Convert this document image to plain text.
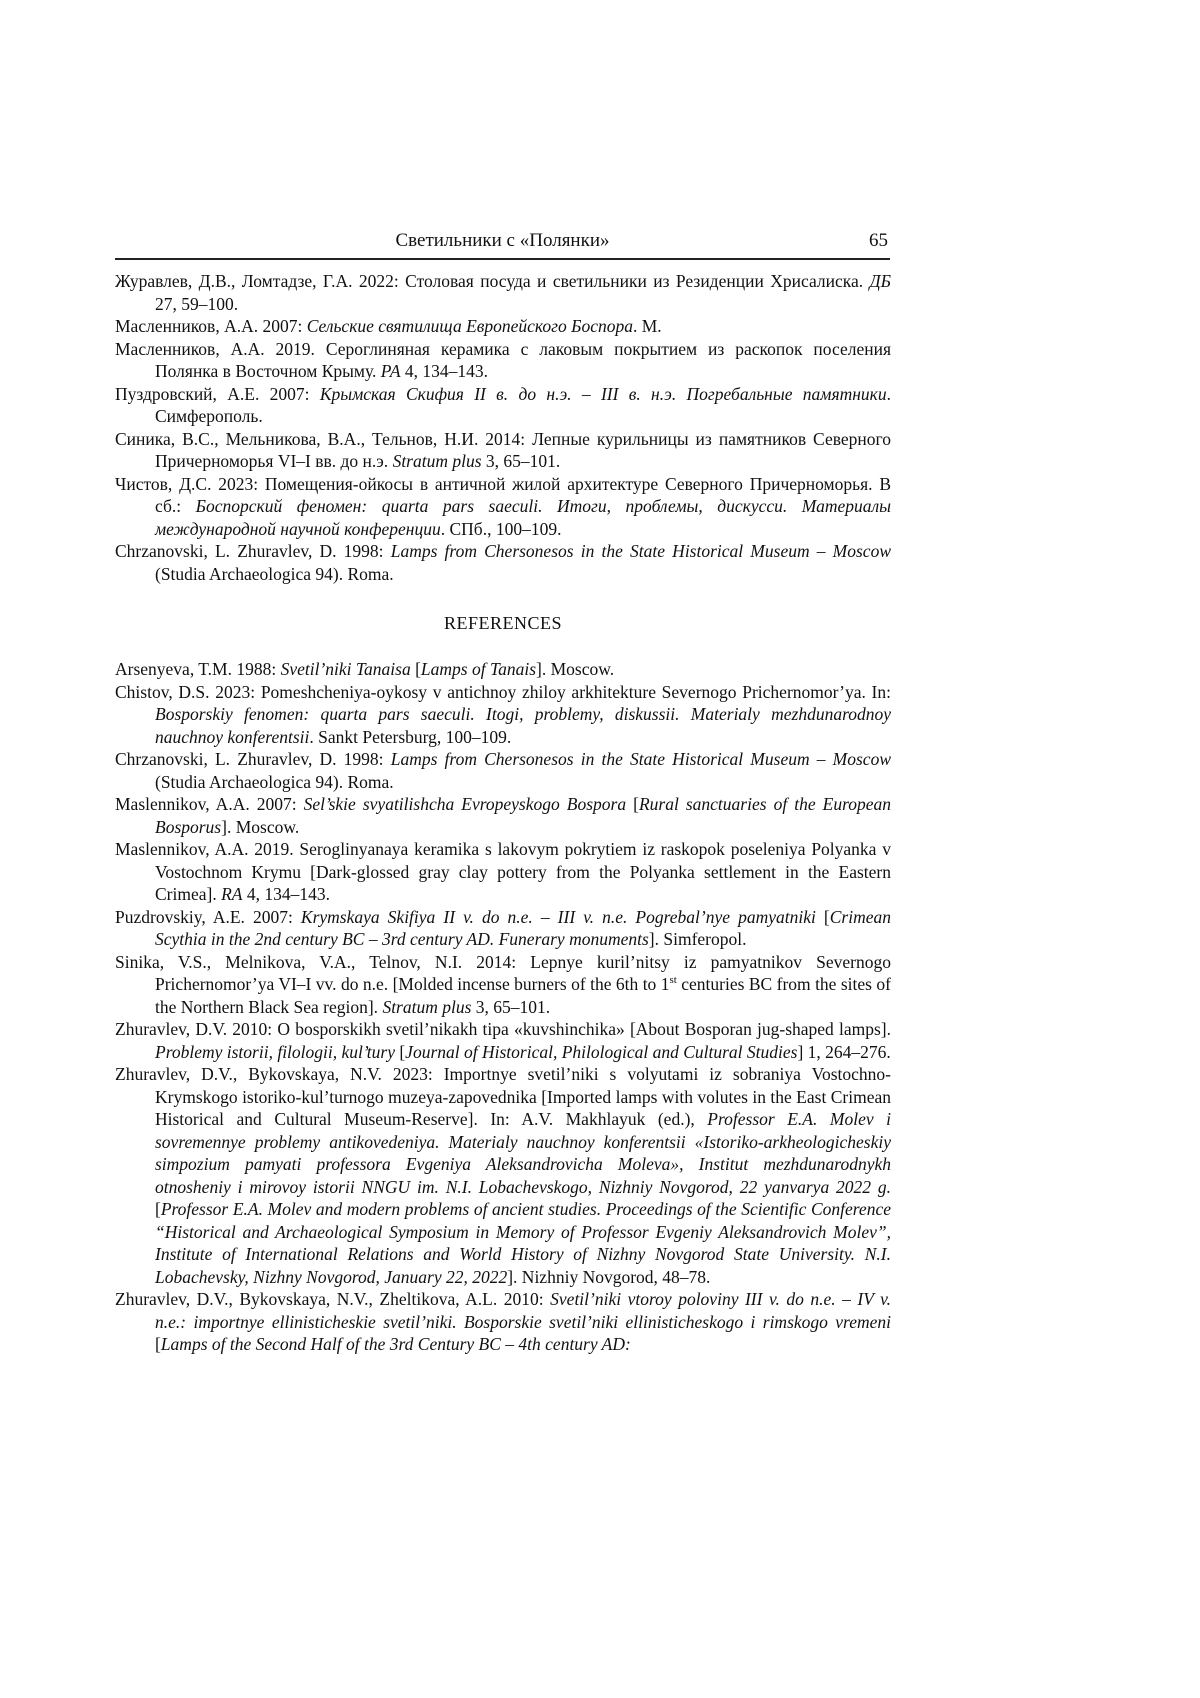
Светильники с «Полянки»	65
Журавлев, Д.В., Ломтадзе, Г.А. 2022: Столовая посуда и светильники из Резиденции Хрисалиска. ДБ 27, 59–100.
Масленников, А.А. 2007: Сельские святилища Европейского Боспора. М.
Масленников, А.А. 2019. Сероглиняная керамика с лаковым покрытием из раскопок поселения Полянка в Восточном Крыму. РА 4, 134–143.
Пуздровский, А.Е. 2007: Крымская Скифия II в. до н.э. – III в. н.э. Погребальные памятники. Симферополь.
Синика, В.С., Мельникова, В.А., Тельнов, Н.И. 2014: Лепные курильницы из памятников Северного Причерноморья VI–I вв. до н.э. Stratum plus 3, 65–101.
Чистов, Д.С. 2023: Помещения-ойкосы в античной жилой архитектуре Северного Причерноморья. В сб.: Боспорский феномен: quarta pars saeculi. Итоги, проблемы, дискусси. Материалы международной научной конференции. СПб., 100–109.
Chrzanovski, L. Zhuravlev, D. 1998: Lamps from Chersonesos in the State Historical Museum – Moscow (Studia Archaeologica 94). Roma.
REFERENCES
Arsenyeva, T.M. 1988: Svetil’niki Tanaisa [Lamps of Tanais]. Moscow.
Chistov, D.S. 2023: Pomeshcheniya-oykosy v antichnoy zhiloy arkhitekture Severnogo Prichernomor’ya. In: Bosporskiy fenomen: quarta pars saeculi. Itogi, problemy, diskussii. Materialy mezhdunarodnoy nauchnoy konferentsii. Sankt Petersburg, 100–109.
Chrzanovski, L. Zhuravlev, D. 1998: Lamps from Chersonesos in the State Historical Museum – Moscow (Studia Archaeologica 94). Roma.
Maslennikov, A.A. 2007: Sel’skie svyatilishcha Evropeyskogo Bospora [Rural sanctuaries of the European Bosporus]. Moscow.
Maslennikov, A.A. 2019. Seroglinyanaya keramika s lakovym pokrytiem iz raskopok poseleniya Polyanka v Vostochnom Krymu [Dark-glossed gray clay pottery from the Polyanka settlement in the Eastern Crimea]. RA 4, 134–143.
Puzdrovskiy, A.E. 2007: Krymskaya Skifiya II v. do n.e. – III v. n.e. Pogrebal’nye pamyatniki [Crimean Scythia in the 2nd century BC – 3rd century AD. Funerary monuments]. Simferopol.
Sinika, V.S., Melnikova, V.A., Telnov, N.I. 2014: Lepnye kuril’nitsy iz pamyatnikov Severnogo Prichernomor’ya VI–I vv. do n.e. [Molded incense burners of the 6th to 1st centuries BC from the sites of the Northern Black Sea region]. Stratum plus 3, 65–101.
Zhuravlev, D.V. 2010: O bosporskikh svetil’nikakh tipa «kuvshinchika» [About Bosporan jug-shaped lamps]. Problemy istorii, filologii, kul’tury [Journal of Historical, Philological and Cultural Studies] 1, 264–276.
Zhuravlev, D.V., Bykovskaya, N.V. 2023: Importnye svetil’niki s volyutami iz sobraniya Vostochno-Krymskogo istoriko-kul’turnogo muzeya-zapovednika [Imported lamps with volutes in the East Crimean Historical and Cultural Museum-Reserve]. In: A.V. Makhlayuk (ed.), Professor E.A. Molev i sovremennye problemy antikovedeniya. Materialy nauchnoy konferentsii «Istoriko-arkheologicheskiy simpozium pamyati professora Evgeniya Aleksandrovicha Moleva», Institut mezhdunarodnykh otnosheniy i mirovoy istorii NNGU im. N.I. Lobachevskogo, Nizhniy Novgorod, 22 yanvarya 2022 g. [Professor E.A. Molev and modern problems of ancient studies. Proceedings of the Scientific Conference “Historical and Archaeological Symposium in Memory of Professor Evgeniy Aleksandrovich Molev”, Institute of International Relations and World History of Nizhny Novgorod State University. N.I. Lobachevsky, Nizhny Novgorod, January 22, 2022]. Nizhniy Novgorod, 48–78.
Zhuravlev, D.V., Bykovskaya, N.V., Zheltikova, A.L. 2010: Svetil’niki vtoroy poloviny III v. do n.e. – IV v. n.e.: importnye ellinisticheskie svetil’niki. Bosporskie svetil’niki ellinisticheskogo i rimskogo vremeni [Lamps of the Second Half of the 3rd Century BC – 4th century AD:
